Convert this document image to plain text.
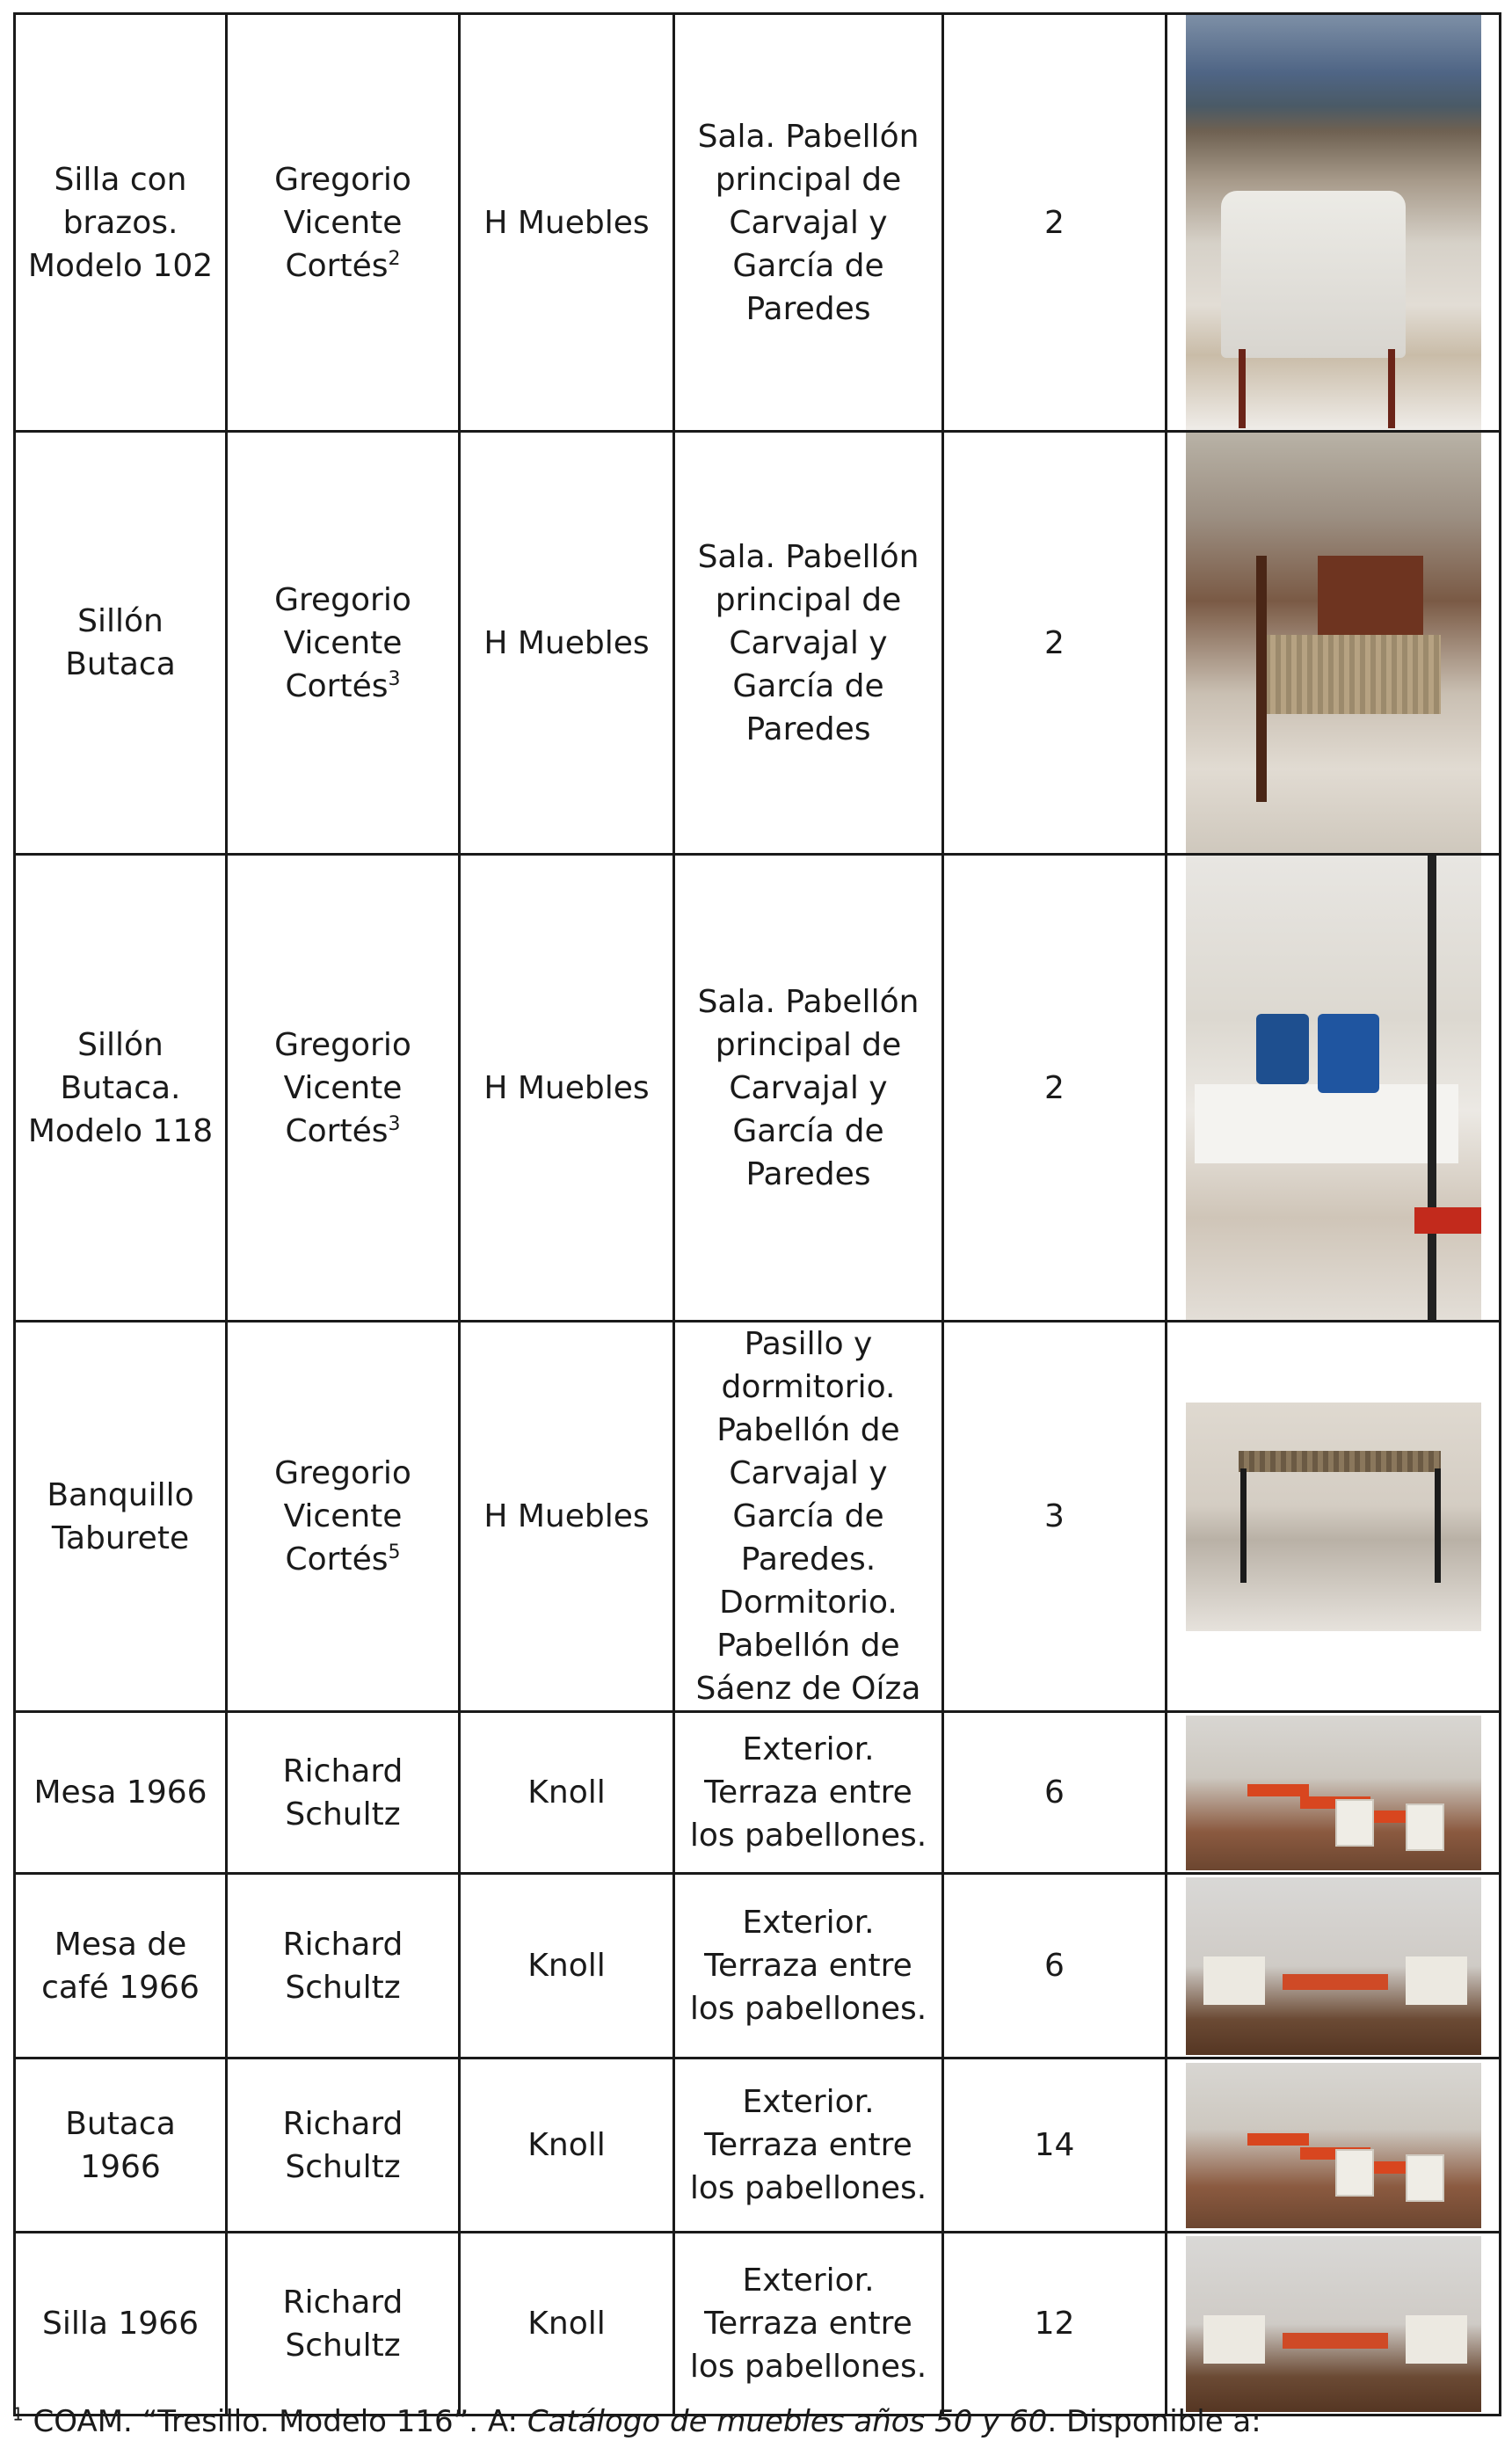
Silla con brazos. Modelo 102	Gregorio Vicente Cortés$^2$	H Muebles	Sala. Pabellón principal de Carvajal y García de Paredes	2	

Sillón Butaca	Gregorio Vicente Cortés$^3$	H Muebles	Sala. Pabellón principal de Carvajal y García de Paredes	2	

Sillón Butaca. Modelo 118	Gregorio Vicente Cortés$^3$	H Muebles	Sala. Pabellón principal de Carvajal y García de Paredes	2	

Banquillo Taburete	Gregorio Vicente Cortés$^5$	H Muebles	Pasillo y dormitorio. Pabellón de Carvajal y García de Paredes. Dormitorio. Pabellón de Sáenz de Oíza	3	

Mesa 1966	Richard Schultz	Knoll	Exterior. Terraza entre los pabellones.	6	

Mesa de café 1966	Richard Schultz	Knoll	Exterior. Terraza entre los pabellones.	6	

Butaca 1966	Richard Schultz	Knoll	Exterior. Terraza entre los pabellones.	14	

Silla 1966	Richard Schultz	Knoll	Exterior. Terraza entre los pabellones.	12	
$^1$ COAM. “Tresillo. Modelo 116”. A: Catálogo de muebles años 50 y 60. Disponible a:
